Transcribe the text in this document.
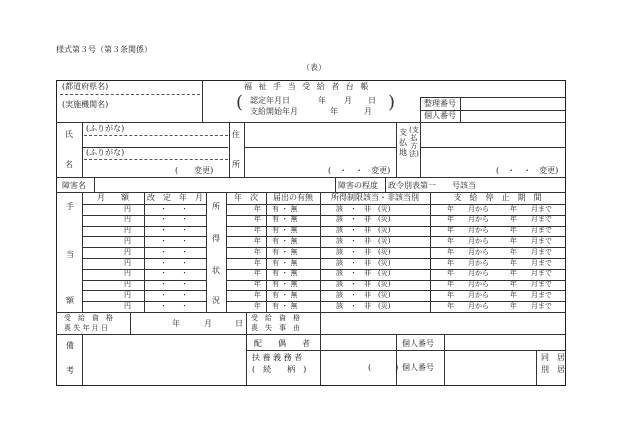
様式第３号（第３条関係）
（表）
(都道府県名)
(実施機関名)
福 祉 手 当 受 給 者 台 帳
(	)
認定年月日
支給開始年月
年 月 日
年	月
整理番号
個人番号
氏
名
(ふりがな)
(ふりがな)
(　　変更)
住
所
(　・　・　変更)
支払地
(支払方法)
(　・　・　変更)
障害名	障害の程度 政令別表第一　　号該当
手
当
額
月　　額	改　定　年　月
所
得
状
況
年　次	届出の有無	所得制限該当・非該当別	支　給　停　止　期　間
円	・　　・	年 有 ・ 無	該　・　非　(災)	年　　月から	年　　月まで
円	・　　・	年 有 ・ 無	該　・　非　(災)	年　　月から	年　　月まで
円	・　　・	年 有 ・ 無	該　・　非　(災)	年　　月から	年　　月まで
円	・　　・	年 有 ・ 無	該　・　非　(災)	年　　月から	年　　月まで
円	・　　・	年 有 ・ 無	該　・　非　(災)	年　　月から	年　　月まで
円	・　　・	年 有 ・ 無	該　・　非　(災)	年　　月から	年　　月まで
円	・　　・	年 有 ・ 無	該　・　非　(災)	年　　月から	年　　月まで
円	・　　・	年 有 ・ 無	該　・　非　(災)	年　　月から	年　　月まで
円	・　　・	年 有 ・ 無	該　・　非　(災)	年　　月から	年　　月まで
円	・　　・	年 有 ・ 無	該　・　非　(災)	年　　月から	年　　月まで
受　給　資　格
喪 失 年 月 日	年	月	日
受　給　資　格
喪　失　事　由
備
考
配　　偶　　者	個人番号
扶 養 義 務 者
(　続　　柄　)	(　　　) 個人番号
同　居
別　居
